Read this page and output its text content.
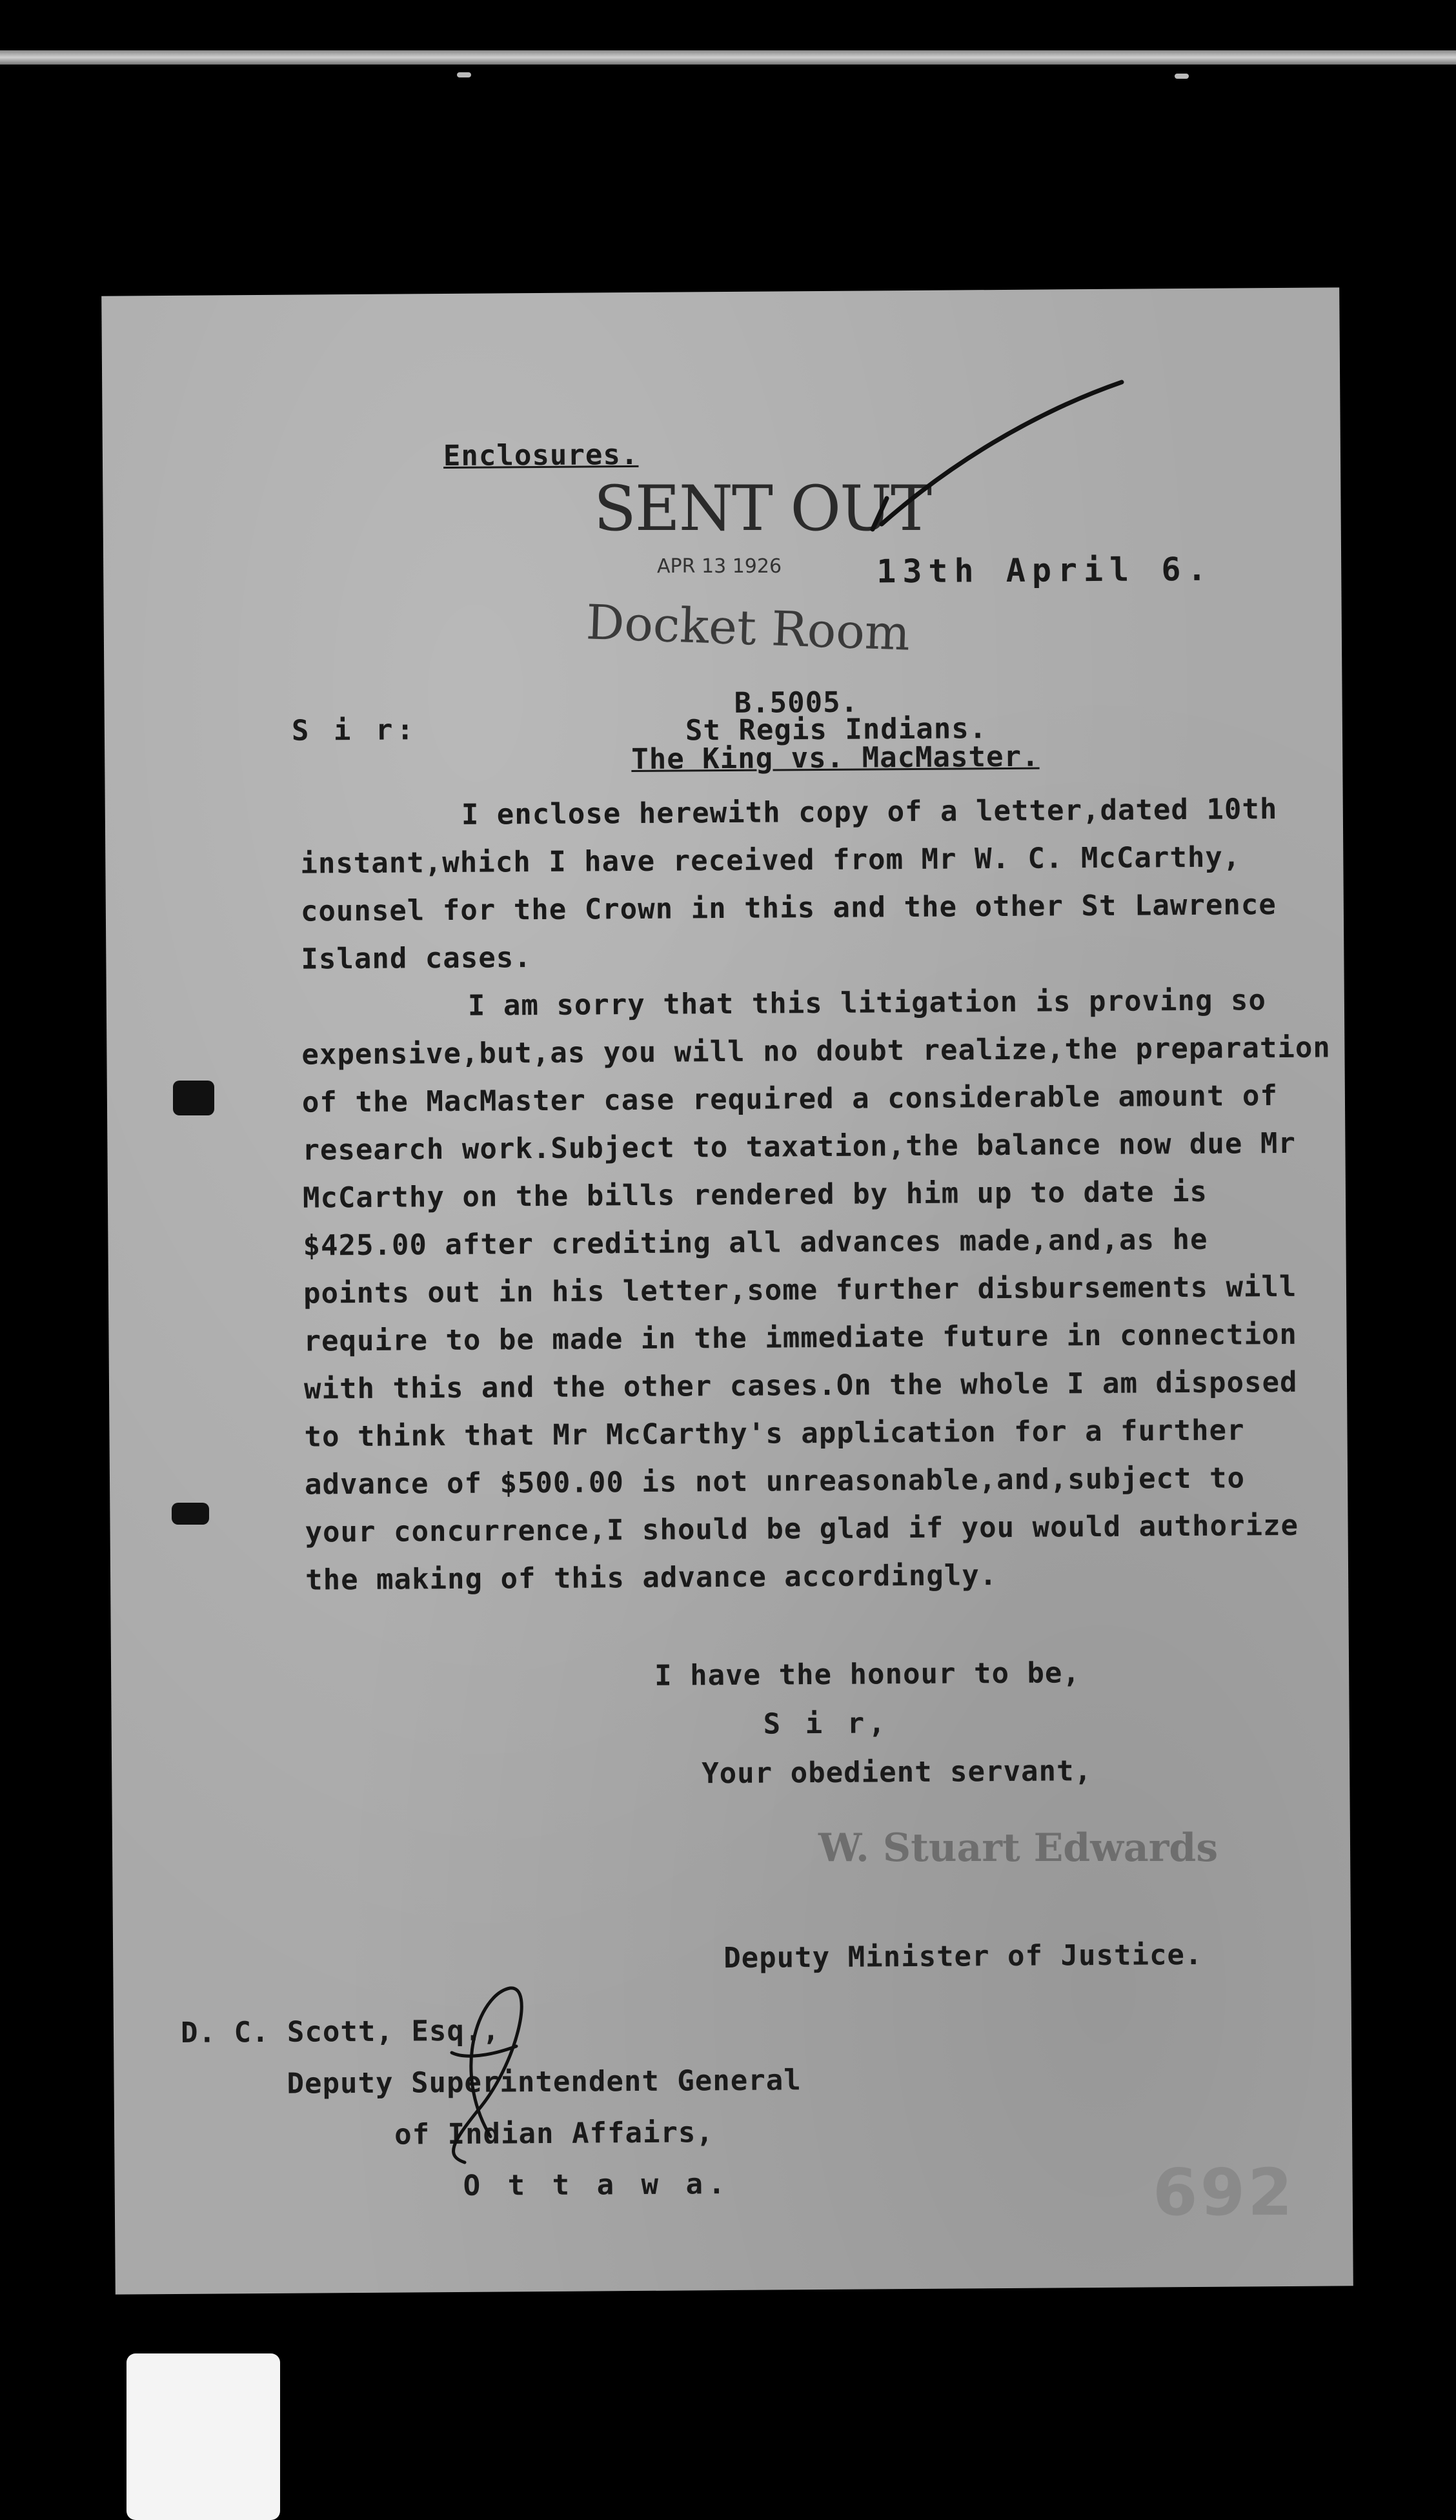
Enclosures.
13th April 6.
S i r:
B.5005.
St Regis Indians.
The King vs. MacMaster.
I enclose herewith copy of a letter,dated 10th
instant,which I have received from Mr W. C. McCarthy,
counsel for the Crown in this and the other St Lawrence
Island cases.
I am sorry that this litigation is proving so
expensive,but,as you will no doubt realize,the preparation
of the MacMaster case required a considerable amount of
research work.Subject to taxation,the balance now due Mr
McCarthy on the bills rendered by him up to date is
$425.00 after crediting all advances made,and,as he
points out in his letter,some further disbursements will
require to be made in the immediate future in connection
with this and the other cases.On the whole I am disposed
to think that Mr McCarthy's application for a further
advance of $500.00 is not unreasonable,and,subject to
your concurrence,I should be glad if you would authorize
the making of this advance accordingly.
I have the honour to be,
S i r,
Your obedient servant,
Deputy Minister of Justice.
D. C. Scott, Esq.,
Deputy Superintendent General
of Indian Affairs,
O t t a w a.
SENT OUT
APR 13 1926
Docket Room
W. Stuart Edwards
692
